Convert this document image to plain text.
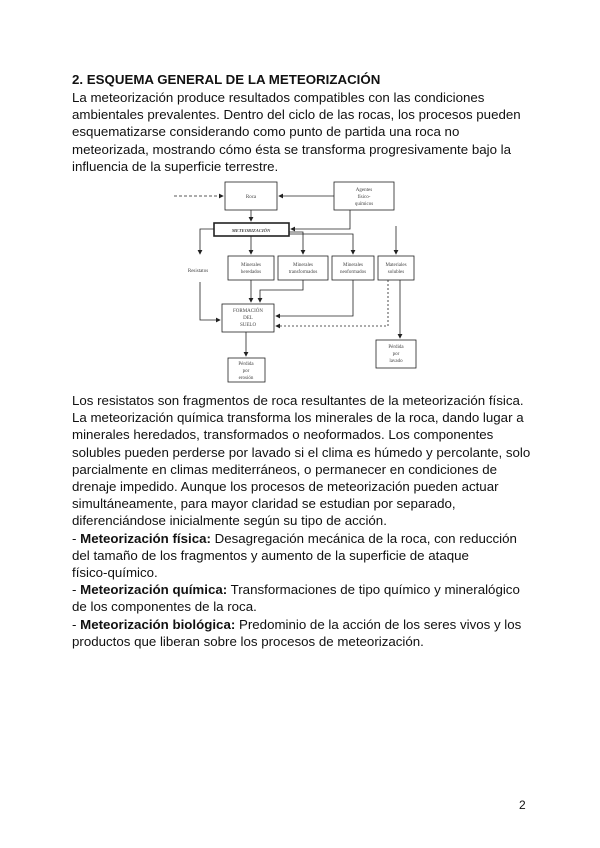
2. ESQUEMA GENERAL DE LA METEORIZACIÓN

La meteorización produce resultados compatibles con las condiciones
ambientales prevalentes. Dentro del ciclo de las rocas, los procesos pueden
esquematizarse considerando como punto de partida una roca no
meteorizada, mostrando cómo ésta se transforma progresivamente bajo la
influencia de la superficie terrestre.

Roca
Agentes
físico-
químicos
METEORIZACIÓN
Resistatos
Minerales
heredados
Minerales
transformados
Minerales
neoformados
Materiales
solubles
FORMACIÓN
DEL
SUELO
Pérdida
por
erosión
Pérdida
por
lavado

Los resistatos son fragmentos de roca resultantes de la meteorización física.
La meteorización química transforma los minerales de la roca, dando lugar a
minerales heredados, transformados o neoformados. Los componentes
solubles pueden perderse por lavado si el clima es húmedo y percolante, solo
parcialmente en climas mediterráneos, o permanecer en condiciones de
drenaje impedido. Aunque los procesos de meteorización pueden actuar
simultáneamente, para mayor claridad se estudian por separado,
diferenciándose inicialmente según su tipo de acción.
- Meteorización física: Desagregación mecánica de la roca, con reducción
del tamaño de los fragmentos y aumento de la superficie de ataque
físico-químico.
- Meteorización química: Transformaciones de tipo químico y mineralógico
de los componentes de la roca.
- Meteorización biológica: Predominio de la acción de los seres vivos y los
productos que liberan sobre los procesos de meteorización.

2
